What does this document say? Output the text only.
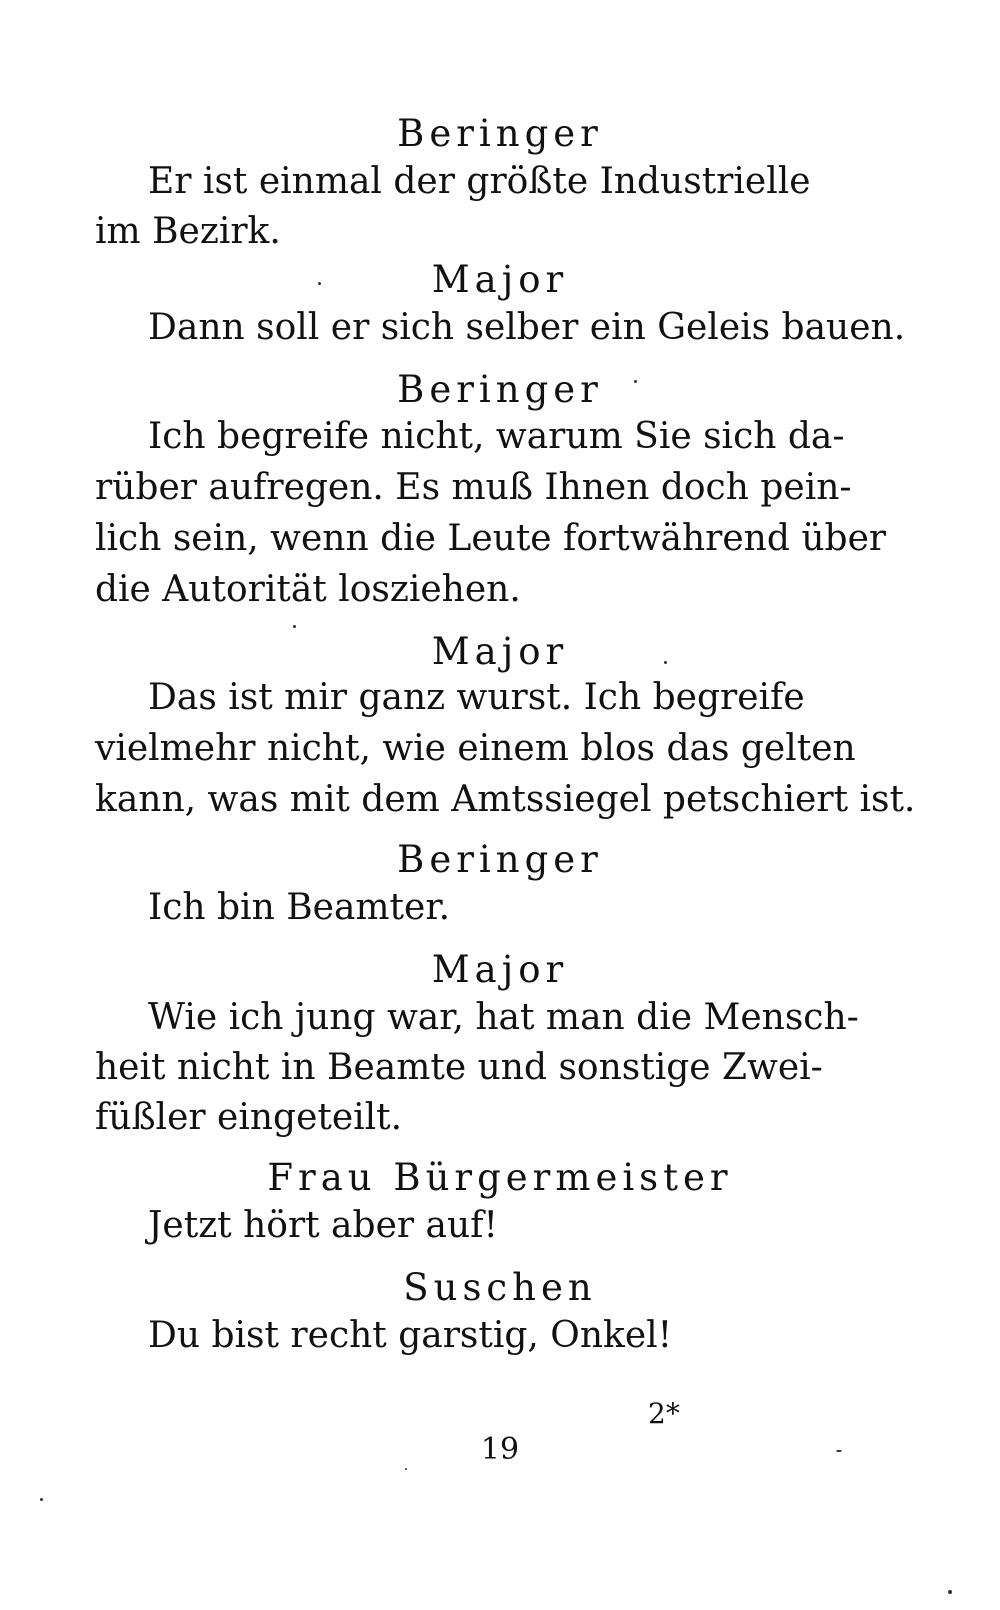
Beringer
Er ist einmal der größte Industrielle
im Bezirk.
Major
Dann soll er sich selber ein Geleis bauen.
Beringer
Ich begreife nicht, warum Sie sich da-
rüber aufregen. Es muß Ihnen doch pein-
lich sein, wenn die Leute fortwährend über
die Autorität losziehen.
Major
Das ist mir ganz wurst. Ich begreife
vielmehr nicht, wie einem blos das gelten
kann, was mit dem Amtssiegel petschiert ist.
Beringer
Ich bin Beamter.
Major
Wie ich jung war, hat man die Mensch-
heit nicht in Beamte und sonstige Zwei-
füßler eingeteilt.
Frau Bürgermeister
Jetzt hört aber auf!
Suschen
Du bist recht garstig, Onkel!
2*
19
